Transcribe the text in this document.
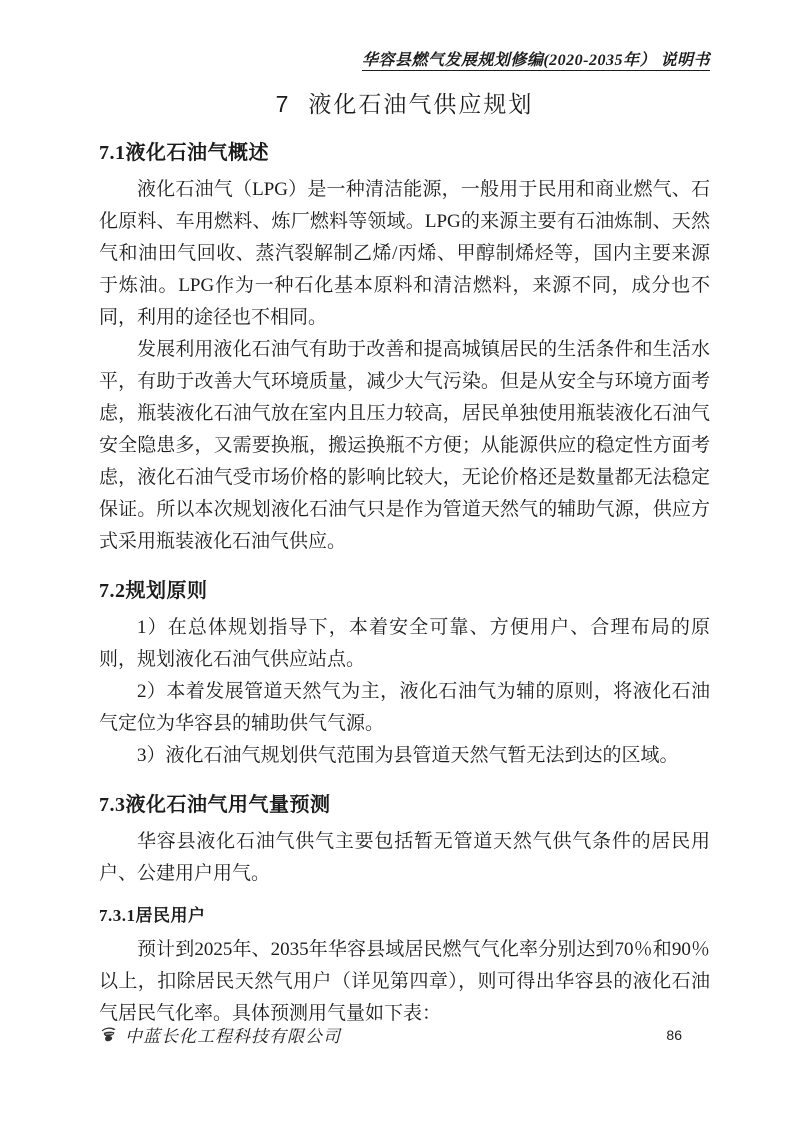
华容县燃气发展规划修编(2020-2035年） 说明书
7 液化石油气供应规划
7.1液化石油气概述

液化石油气（LPG）是一种清洁能源，一般用于民用和商业燃气、石化原料、车用燃料、炼厂燃料等领域。LPG的来源主要有石油炼制、天然气和油田气回收、蒸汽裂解制乙烯/丙烯、甲醇制烯烃等，国内主要来源于炼油。LPG作为一种石化基本原料和清洁燃料，来源不同，成分也不同，利用的途径也不相同。

发展利用液化石油气有助于改善和提高城镇居民的生活条件和生活水平，有助于改善大气环境质量，减少大气污染。但是从安全与环境方面考虑，瓶装液化石油气放在室内且压力较高，居民单独使用瓶装液化石油气安全隐患多，又需要换瓶，搬运换瓶不方便；从能源供应的稳定性方面考虑，液化石油气受市场价格的影响比较大，无论价格还是数量都无法稳定保证。所以本次规划液化石油气只是作为管道天然气的辅助气源，供应方式采用瓶装液化石油气供应。

7.2规划原则

1）在总体规划指导下，本着安全可靠、方便用户、合理布局的原则，规划液化石油气供应站点。

2）本着发展管道天然气为主，液化石油气为辅的原则，将液化石油气定位为华容县的辅助供气气源。

3）液化石油气规划供气范围为县管道天然气暂无法到达的区域。

7.3液化石油气用气量预测

华容县液化石油气供气主要包括暂无管道天然气供气条件的居民用户、公建用户用气。

7.3.1居民用户

预计到2025年、2035年华容县域居民燃气气化率分别达到70％和90％以上，扣除居民天然气用户（详见第四章），则可得出华容县的液化石油气居民气化率。具体预测用气量如下表：

中蓝长化工程科技有限公司	86
